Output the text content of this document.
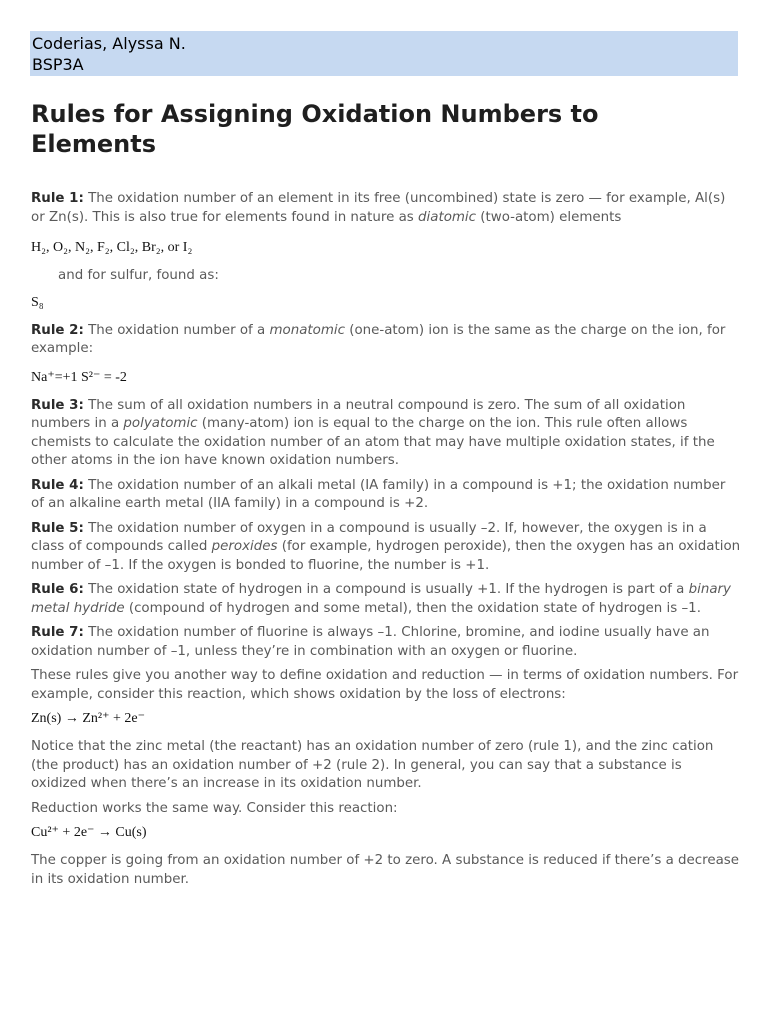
Coderias, Alyssa N.
BSP3A
Rules for Assigning Oxidation Numbers to Elements

Rule 1: The oxidation number of an element in its free (uncombined) state is zero — for example, Al(s) or Zn(s). This is also true for elements found in nature as diatomic (two-atom) elements

H₂, O₂, N₂, F₂, Cl₂, Br₂, or I₂

and for sulfur, found as:

S₈

Rule 2: The oxidation number of a monatomic (one-atom) ion is the same as the charge on the ion, for example:

Na⁺=+1 S²⁻ = -2

Rule 3: The sum of all oxidation numbers in a neutral compound is zero. The sum of all oxidation numbers in a polyatomic (many-atom) ion is equal to the charge on the ion. This rule often allows chemists to calculate the oxidation number of an atom that may have multiple oxidation states, if the other atoms in the ion have known oxidation numbers.

Rule 4: The oxidation number of an alkali metal (IA family) in a compound is +1; the oxidation number of an alkaline earth metal (IIA family) in a compound is +2.

Rule 5: The oxidation number of oxygen in a compound is usually –2. If, however, the oxygen is in a class of compounds called peroxides (for example, hydrogen peroxide), then the oxygen has an oxidation number of –1. If the oxygen is bonded to fluorine, the number is +1.

Rule 6: The oxidation state of hydrogen in a compound is usually +1. If the hydrogen is part of a binary metal hydride (compound of hydrogen and some metal), then the oxidation state of hydrogen is –1.

Rule 7: The oxidation number of fluorine is always –1. Chlorine, bromine, and iodine usually have an oxidation number of –1, unless they’re in combination with an oxygen or fluorine.

These rules give you another way to define oxidation and reduction — in terms of oxidation numbers. For example, consider this reaction, which shows oxidation by the loss of electrons:

Zn(s) → Zn²⁺ + 2e⁻

Notice that the zinc metal (the reactant) has an oxidation number of zero (rule 1), and the zinc cation (the product) has an oxidation number of +2 (rule 2). In general, you can say that a substance is oxidized when there’s an increase in its oxidation number.

Reduction works the same way. Consider this reaction:

Cu²⁺ + 2e⁻ → Cu(s)

The copper is going from an oxidation number of +2 to zero. A substance is reduced if there’s a decrease in its oxidation number.
